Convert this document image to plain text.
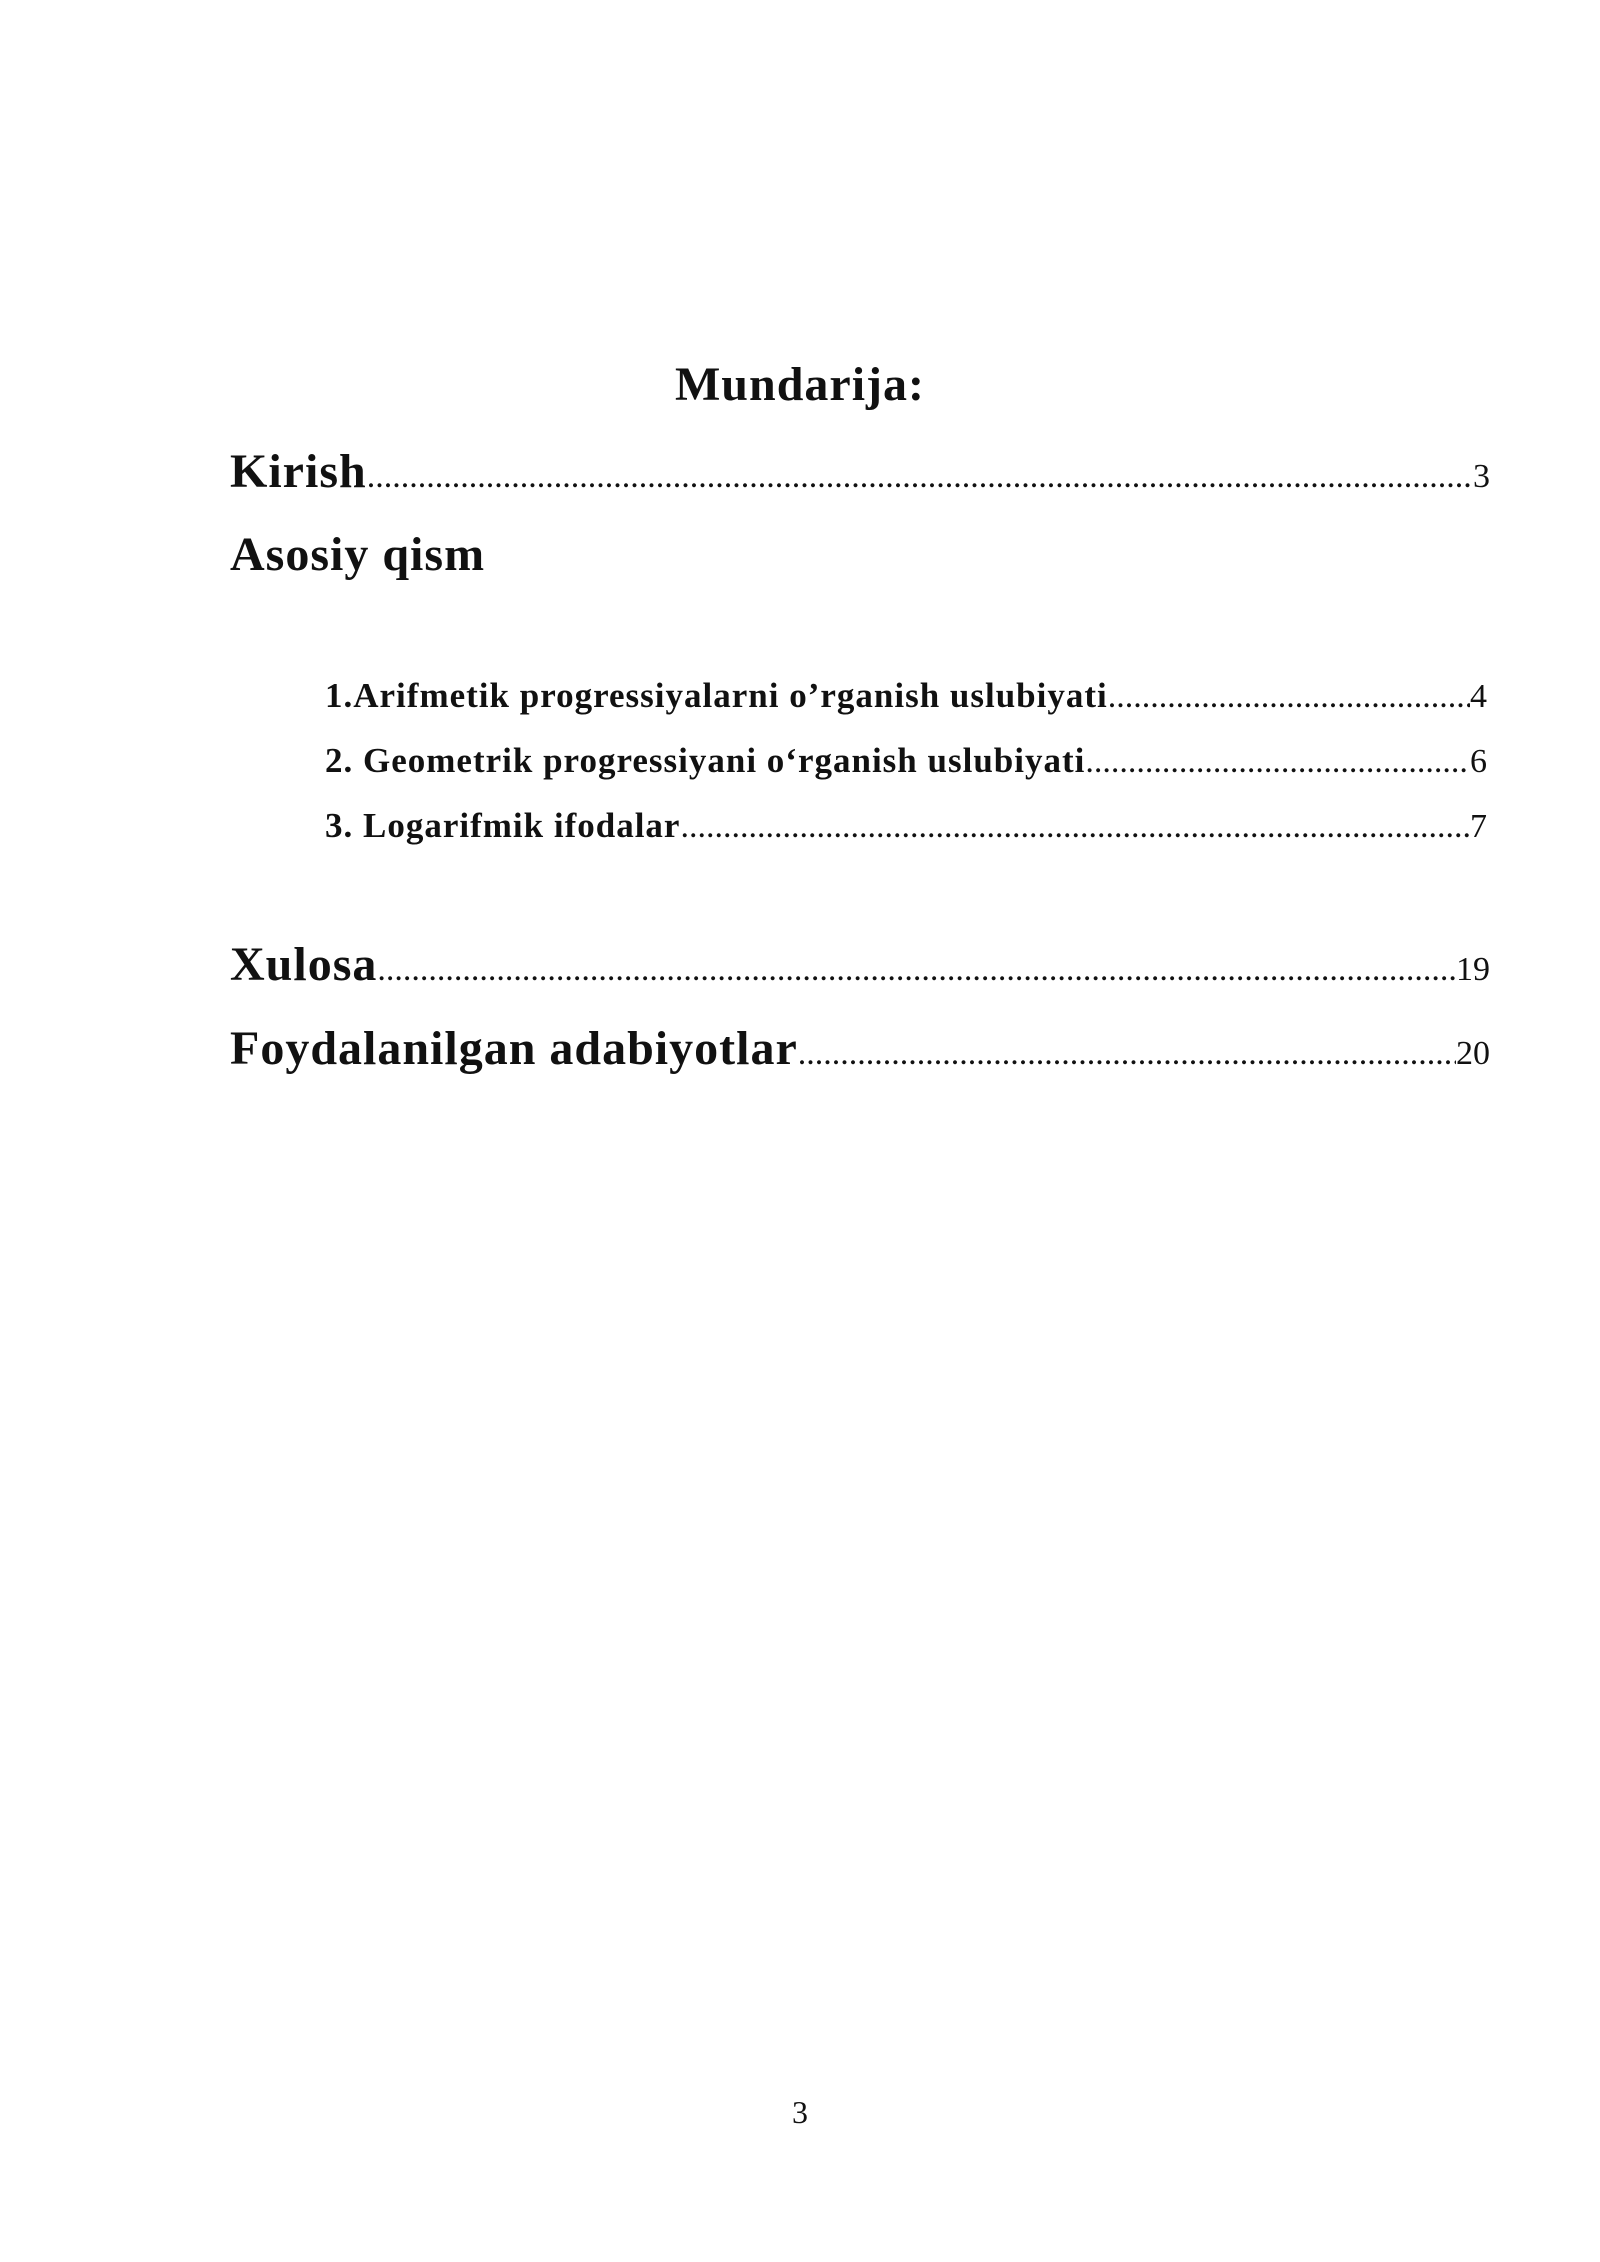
Mundarija:
Kirish .....	3
Asosiy qism
1.Arifmetik progressiyalarni o’rganish uslubiyati .....	4
2. Geometrik progressiyani o‘rganish uslubiyati .....	6
3. Logarifmik ifodalar .....	7
Xulosa .....	19
Foydalanilgan adabiyotlar .....	20
3
